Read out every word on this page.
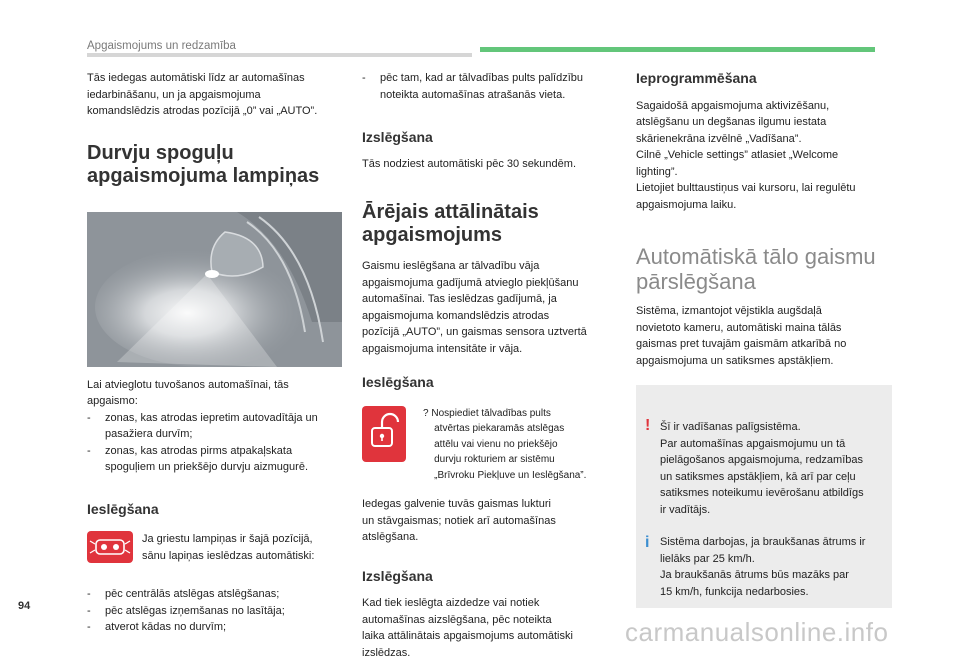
Apgaismojums un redzamība

Tās iedegas automātiski līdz ar automašīnas
iedarbināšanu, un ja apgaismojuma
komandslēdzis atrodas pozīcijā „0” vai „AUTO”.

Durvju spoguļu
apgaismojuma lampiņas

Lai atvieglotu tuvošanos automašīnai, tās
apgaismo:

- zonas, kas atrodas iepretim autovadītāja un
pasažiera durvīm;
- zonas, kas atrodas pirms atpakaļskata
spoguļiem un priekšējo durvju aizmugurē.
Ieslēgšana

Ja griestu lampiņas ir šajā pozīcijā,
sānu lapiņas ieslēdzas automātiski:

- pēc centrālās atslēgas atslēgšanas;
- pēc atslēgas izņemšanas no lasītāja;
- atverot kādas no durvīm;
- pēc tam, kad ar tālvadības pults palīdzību
noteikta automašīnas atrašanās vieta.
Izslēgšana

Tās nodziest automātiski pēc 30 sekundēm.

Ārējais attālinātais
apgaismojums

Gaismu ieslēgšana ar tālvadību vāja
apgaismojuma gadījumā atvieglo piekļūšanu
automašīnai. Tas ieslēdzas gadījumā, ja
apgaismojuma komandslēdzis atrodas
pozīcijā „AUTO”, un gaismas sensora uztvertā
apgaismojuma intensitāte ir vāja.

Ieslēgšana

? Nospiediet tālvadības pults
atvērtas piekaramās atslēgas
attēlu vai vienu no priekšējo
durvju rokturiem ar sistēmu
„Brīvroku Piekļuve un Ieslēgšana”.

Iedegas galvenie tuvās gaismas lukturi
un stāvgaismas; notiek arī automašīnas
atslēgšana.

Izslēgšana

Kad tiek ieslēgta aizdedze vai notiek
automašīnas aizslēgšana, pēc noteikta
laika attālinātais apgaismojums automātiski
izslēdzas.

Ieprogrammēšana

Sagaidošā apgaismojuma aktivizēšanu,
atslēgšanu un degšanas ilgumu iestata
skārienekrāna izvēlnē „Vadīšana”.
Cilnē „Vehicle settings” atlasiet „Welcome
lighting”.
Lietojiet bulttaustiņus vai kursoru, lai regulētu
apgaismojuma laiku.

Automātiskā tālo gaismu
pārslēgšana

Sistēma, izmantojot vējstikla augšdaļā
novietoto kameru, automātiski maina tālās
gaismas pret tuvajām gaismām atkarībā no
apgaismojuma un satiksmes apstākļiem.

! Šī ir vadīšanas palīgsistēma.
Par automašīnas apgaismojumu un tā
pielāgošanos apgaismojuma, redzamības
un satiksmes apstākļiem, kā arī par ceļu
satiksmes noteikumu ievērošanu atbildīgs
ir vadītājs.

i Sistēma darbojas, ja braukšanas ātrums ir
lielāks par 25 km/h.
Ja braukšanās ātrums būs mazāks par
15 km/h, funkcija nedarbosies.

94
carmanualsonline.info
